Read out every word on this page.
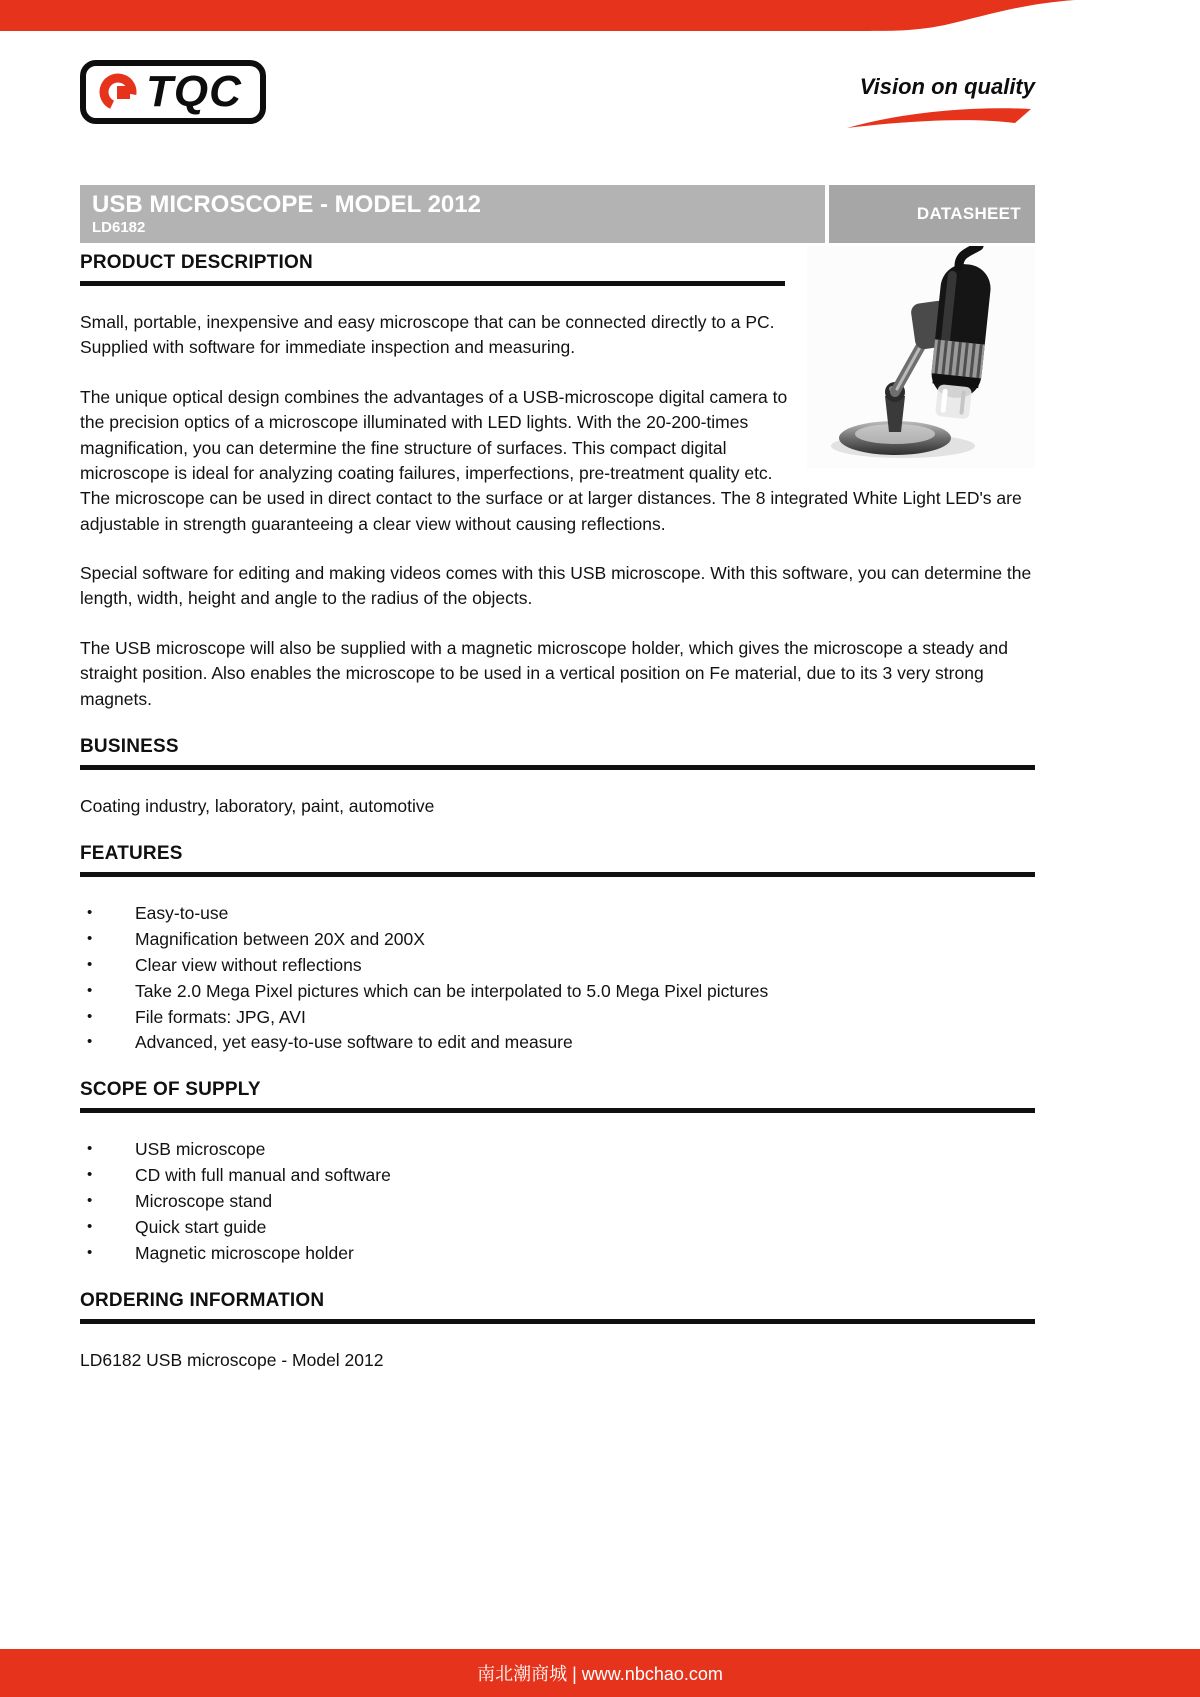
TQC	Vision on quality
USB MICROSCOPE - MODEL 2012
LD6182
DATASHEET
PRODUCT DESCRIPTION

Small, portable, inexpensive and easy microscope that can be connected directly to a PC. Supplied with software for immediate inspection and measuring.

The unique optical design combines the advantages of a USB-microscope digital camera to the precision optics of a microscope illuminated with LED lights. With the 20-200-times magnification, you can determine the fine structure of surfaces. This compact digital microscope is ideal for analyzing coating failures, imperfections, pre-treatment quality etc. The microscope can be used in direct contact to the surface or at larger distances. The 8 integrated White Light LED's are adjustable in strength guaranteeing a clear view without causing reflections.

Special software for editing and making videos comes with this USB microscope. With this software, you can determine the length, width, height and angle to the radius of the objects.

The USB microscope will also be supplied with a magnetic microscope holder, which gives the microscope a steady and straight position. Also enables the microscope to be used in a vertical position on Fe material, due to its 3 very strong magnets.

BUSINESS

Coating industry, laboratory, paint, automotive

FEATURES
• Easy-to-use
• Magnification between 20X and 200X
• Clear view without reflections
• Take 2.0 Mega Pixel pictures which can be interpolated to 5.0 Mega Pixel pictures
• File formats: JPG, AVI
• Advanced, yet easy-to-use software to edit and measure
SCOPE OF SUPPLY
• USB microscope
• CD with full manual and software
• Microscope stand
• Quick start guide
• Magnetic microscope holder
ORDERING INFORMATION

LD6182 USB microscope - Model 2012

南北潮商城 | www.nbchao.com
